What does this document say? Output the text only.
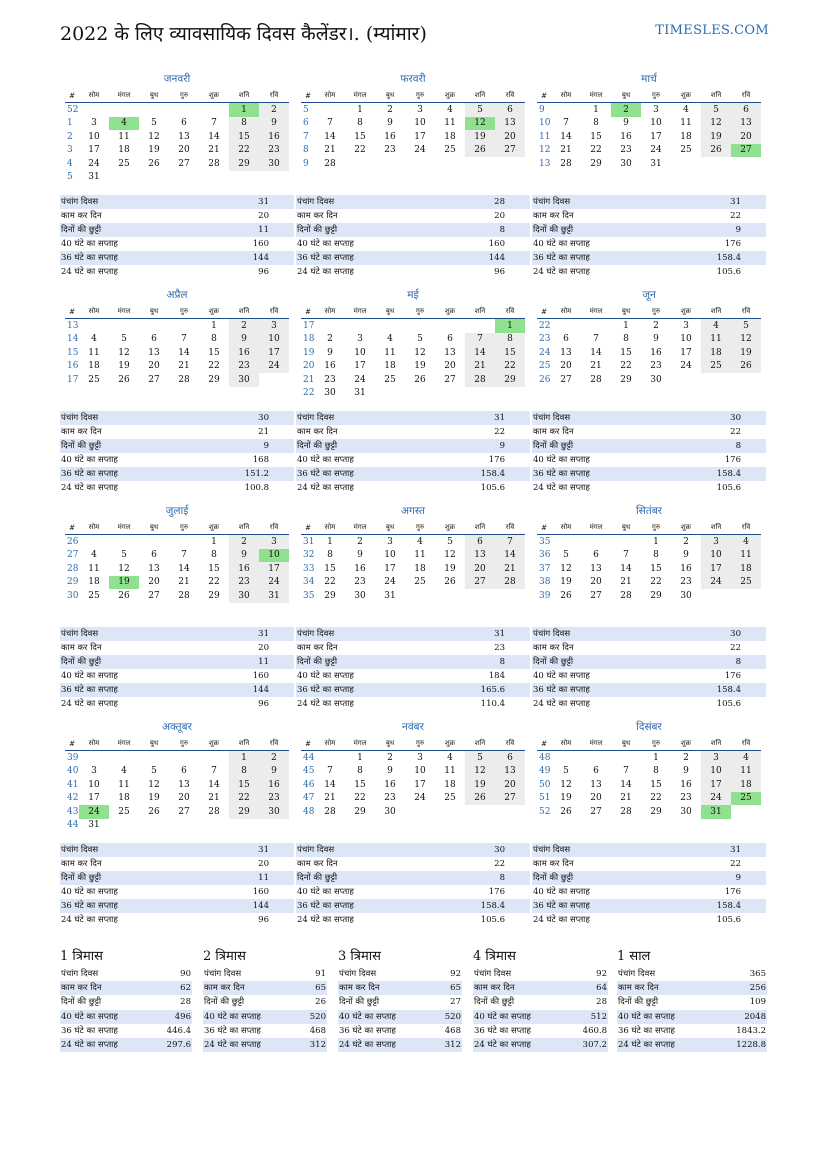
2022 के लिए व्यावसायिक दिवस कैलेंडर।. (म्यांमार)	TIMESLES.COM
जनवरी
#	सोम	मंगल	बुध	गुरु	शुक्र	शनि	रवि
52						1	2
1	3	4	5	6	7	8	9
2	10	11	12	13	14	15	16
3	17	18	19	20	21	22	23
4	24	25	26	27	28	29	30
5	31						
पंचांग दिवस	31
काम कर दिन	20
दिनों की छुट्टी	11
40 घंटे का सप्ताह	160
36 घंटे का सप्ताह	144
24 घंटे का सप्ताह	96
फरवरी
#	सोम	मंगल	बुध	गुरु	शुक्र	शनि	रवि
5		1	2	3	4	5	6
6	7	8	9	10	11	12	13
7	14	15	16	17	18	19	20
8	21	22	23	24	25	26	27
9	28						
पंचांग दिवस	28
काम कर दिन	20
दिनों की छुट्टी	8
40 घंटे का सप्ताह	160
36 घंटे का सप्ताह	144
24 घंटे का सप्ताह	96
मार्च
#	सोम	मंगल	बुध	गुरु	शुक्र	शनि	रवि
9		1	2	3	4	5	6
10	7	8	9	10	11	12	13
11	14	15	16	17	18	19	20
12	21	22	23	24	25	26	27
13	28	29	30	31			
पंचांग दिवस	31
काम कर दिन	22
दिनों की छुट्टी	9
40 घंटे का सप्ताह	176
36 घंटे का सप्ताह	158.4
24 घंटे का सप्ताह	105.6
अप्रैल
#	सोम	मंगल	बुध	गुरु	शुक्र	शनि	रवि
13					1	2	3
14	4	5	6	7	8	9	10
15	11	12	13	14	15	16	17
16	18	19	20	21	22	23	24
17	25	26	27	28	29	30	
पंचांग दिवस	30
काम कर दिन	21
दिनों की छुट्टी	9
40 घंटे का सप्ताह	168
36 घंटे का सप्ताह	151.2
24 घंटे का सप्ताह	100.8
मई
#	सोम	मंगल	बुध	गुरु	शुक्र	शनि	रवि
17							1
18	2	3	4	5	6	7	8
19	9	10	11	12	13	14	15
20	16	17	18	19	20	21	22
21	23	24	25	26	27	28	29
22	30	31					
पंचांग दिवस	31
काम कर दिन	22
दिनों की छुट्टी	9
40 घंटे का सप्ताह	176
36 घंटे का सप्ताह	158.4
24 घंटे का सप्ताह	105.6
जून
#	सोम	मंगल	बुध	गुरु	शुक्र	शनि	रवि
22			1	2	3	4	5
23	6	7	8	9	10	11	12
24	13	14	15	16	17	18	19
25	20	21	22	23	24	25	26
26	27	28	29	30			
पंचांग दिवस	30
काम कर दिन	22
दिनों की छुट्टी	8
40 घंटे का सप्ताह	176
36 घंटे का सप्ताह	158.4
24 घंटे का सप्ताह	105.6
जुलाई
#	सोम	मंगल	बुध	गुरु	शुक्र	शनि	रवि
26					1	2	3
27	4	5	6	7	8	9	10
28	11	12	13	14	15	16	17
29	18	19	20	21	22	23	24
30	25	26	27	28	29	30	31
पंचांग दिवस	31
काम कर दिन	20
दिनों की छुट्टी	11
40 घंटे का सप्ताह	160
36 घंटे का सप्ताह	144
24 घंटे का सप्ताह	96
अगस्त
#	सोम	मंगल	बुध	गुरु	शुक्र	शनि	रवि
31	1	2	3	4	5	6	7
32	8	9	10	11	12	13	14
33	15	16	17	18	19	20	21
34	22	23	24	25	26	27	28
35	29	30	31				
पंचांग दिवस	31
काम कर दिन	23
दिनों की छुट्टी	8
40 घंटे का सप्ताह	184
36 घंटे का सप्ताह	165.6
24 घंटे का सप्ताह	110.4
सितंबर
#	सोम	मंगल	बुध	गुरु	शुक्र	शनि	रवि
35				1	2	3	4
36	5	6	7	8	9	10	11
37	12	13	14	15	16	17	18
38	19	20	21	22	23	24	25
39	26	27	28	29	30		
पंचांग दिवस	30
काम कर दिन	22
दिनों की छुट्टी	8
40 घंटे का सप्ताह	176
36 घंटे का सप्ताह	158.4
24 घंटे का सप्ताह	105.6
अक्तूबर
#	सोम	मंगल	बुध	गुरु	शुक्र	शनि	रवि
39						1	2
40	3	4	5	6	7	8	9
41	10	11	12	13	14	15	16
42	17	18	19	20	21	22	23
43	24	25	26	27	28	29	30
44	31						
पंचांग दिवस	31
काम कर दिन	20
दिनों की छुट्टी	11
40 घंटे का सप्ताह	160
36 घंटे का सप्ताह	144
24 घंटे का सप्ताह	96
नवंबर
#	सोम	मंगल	बुध	गुरु	शुक्र	शनि	रवि
44		1	2	3	4	5	6
45	7	8	9	10	11	12	13
46	14	15	16	17	18	19	20
47	21	22	23	24	25	26	27
48	28	29	30				
पंचांग दिवस	30
काम कर दिन	22
दिनों की छुट्टी	8
40 घंटे का सप्ताह	176
36 घंटे का सप्ताह	158.4
24 घंटे का सप्ताह	105.6
दिसंबर
#	सोम	मंगल	बुध	गुरु	शुक्र	शनि	रवि
48				1	2	3	4
49	5	6	7	8	9	10	11
50	12	13	14	15	16	17	18
51	19	20	21	22	23	24	25
52	26	27	28	29	30	31	
पंचांग दिवस	31
काम कर दिन	22
दिनों की छुट्टी	9
40 घंटे का सप्ताह	176
36 घंटे का सप्ताह	158.4
24 घंटे का सप्ताह	105.6
1 त्रिमास
पंचांग दिवस	90
काम कर दिन	62
दिनों की छुट्टी	28
40 घंटे का सप्ताह	496
36 घंटे का सप्ताह	446.4
24 घंटे का सप्ताह	297.6
2 त्रिमास
पंचांग दिवस	91
काम कर दिन	65
दिनों की छुट्टी	26
40 घंटे का सप्ताह	520
36 घंटे का सप्ताह	468
24 घंटे का सप्ताह	312
3 त्रिमास
पंचांग दिवस	92
काम कर दिन	65
दिनों की छुट्टी	27
40 घंटे का सप्ताह	520
36 घंटे का सप्ताह	468
24 घंटे का सप्ताह	312
4 त्रिमास
पंचांग दिवस	92
काम कर दिन	64
दिनों की छुट्टी	28
40 घंटे का सप्ताह	512
36 घंटे का सप्ताह	460.8
24 घंटे का सप्ताह	307.2
1 साल
पंचांग दिवस	365
काम कर दिन	256
दिनों की छुट्टी	109
40 घंटे का सप्ताह	2048
36 घंटे का सप्ताह	1843.2
24 घंटे का सप्ताह	1228.8
